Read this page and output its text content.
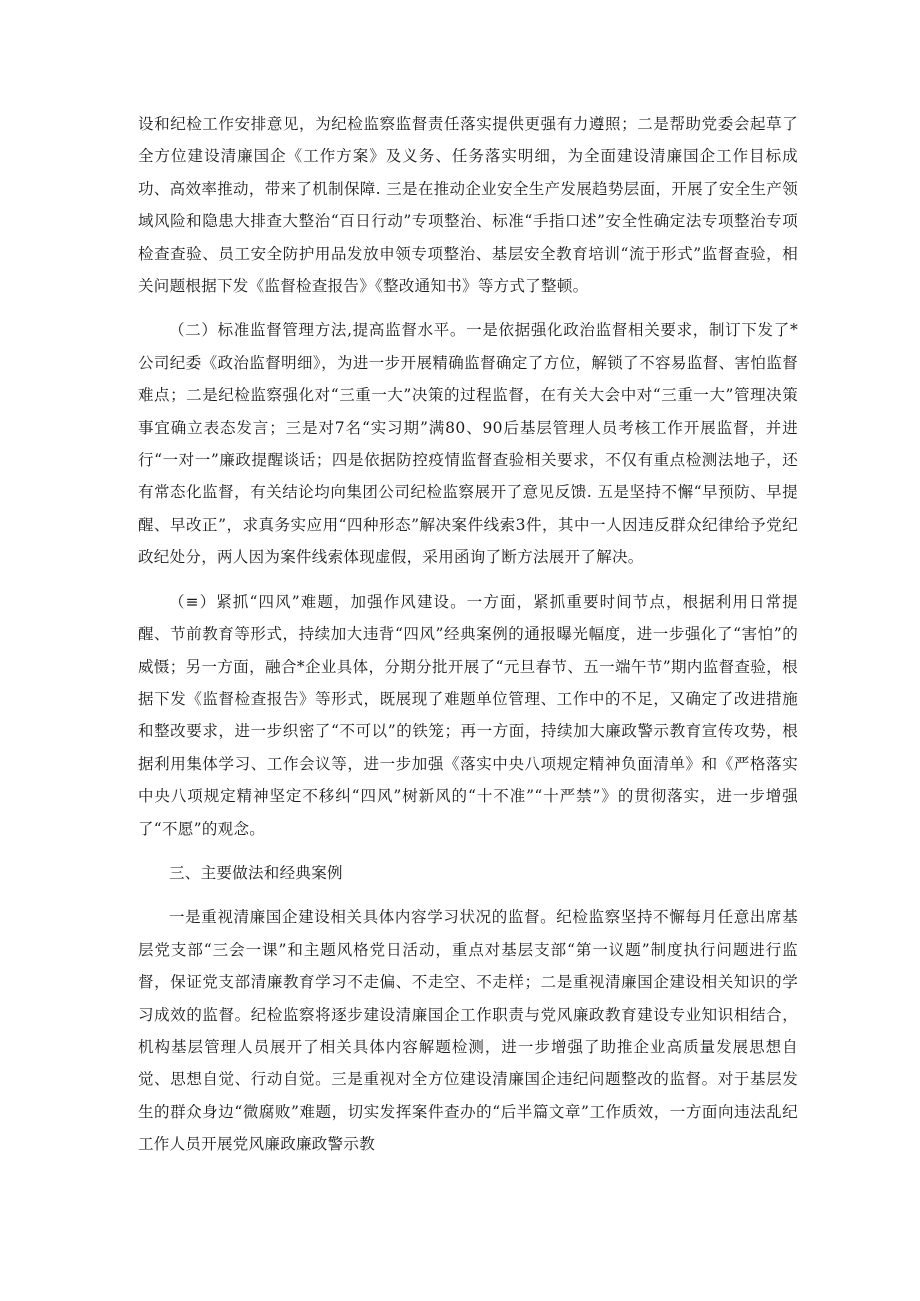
设和纪检工作安排意见，为纪检监察监督责任落实提供更强有力遵照；二是帮助党委会起草了全方位建设清廉国企《工作方案》及义务、任务落实明细，为全面建设清廉国企工作目标成功、高效率推动，带来了机制保障. 三是在推动企业安全生产发展趋势层面，开展了安全生产领域风险和隐患大排查大整治“百日行动”专项整治、标准“手指口述”安全性确定法专项整治专项检查查验、员工安全防护用品发放申领专项整治、基层安全教育培训“流于形式”监督查验，相关问题根据下发《监督检查报告》《整改通知书》等方式了整顿。

（二）标准监督管理方法,提高监督水平。一是依据强化政治监督相关要求，制订下发了*公司纪委《政治监督明细》，为进一步开展精确监督确定了方位，解锁了不容易监督、害怕监督难点；二是纪检监察强化对“三重一大”决策的过程监督，在有关大会中对“三重一大”管理决策事宜确立表态发言；三是对7名“实习期”满80、90后基层管理人员考核工作开展监督，并进行“一对一”廉政提醒谈话；四是依据防控疫情监督查验相关要求，不仅有重点检测法地子，还有常态化监督，有关结论均向集团公司纪检监察展开了意见反馈. 五是坚持不懈“早预防、早提醒、早改正”，求真务实应用“四种形态”解决案件线索3件，其中一人因违反群众纪律给予党纪政纪处分，两人因为案件线索体现虚假，采用函询了断方法展开了解决。

（≡）紧抓“四风”难题，加强作风建设。一方面，紧抓重要时间节点，根据利用日常提醒、节前教育等形式，持续加大违背“四风”经典案例的通报曝光幅度，进一步强化了“害怕”的威慑；另一方面，融合*企业具体，分期分批开展了“元旦春节、五一端午节”期内监督查验，根据下发《监督检查报告》等形式，既展现了难题单位管理、工作中的不足，又确定了改进措施和整改要求，进一步织密了“不可以”的铁笼；再一方面，持续加大廉政警示教育宣传攻势，根据利用集体学习、工作会议等，进一步加强《落实中央八项规定精神负面清单》和《严格落实中央八项规定精神坚定不移纠“四风”树新风的“十不准”“十严禁”》的贯彻落实，进一步增强了“不愿”的观念。

三、主要做法和经典案例

一是重视清廉国企建设相关具体内容学习状况的监督。纪检监察坚持不懈每月任意出席基层党支部“三会一课”和主题风格党日活动，重点对基层支部“第一议题”制度执行问题进行监督，保证党支部清廉教育学习不走偏、不走空、不走样；二是重视清廉国企建设相关知识的学习成效的监督。纪检监察将逐步建设清廉国企工作职责与党风廉政教育建设专业知识相结合，机构基层管理人员展开了相关具体内容解题检测，进一步增强了助推企业高质量发展思想自觉、思想自觉、行动自觉。三是重视对全方位建设清廉国企违纪问题整改的监督。对于基层发生的群众身边“微腐败”难题，切实发挥案件查办的“后半篇文章”工作质效，一方面向违法乱纪工作人员开展党风廉政廉政警示教
